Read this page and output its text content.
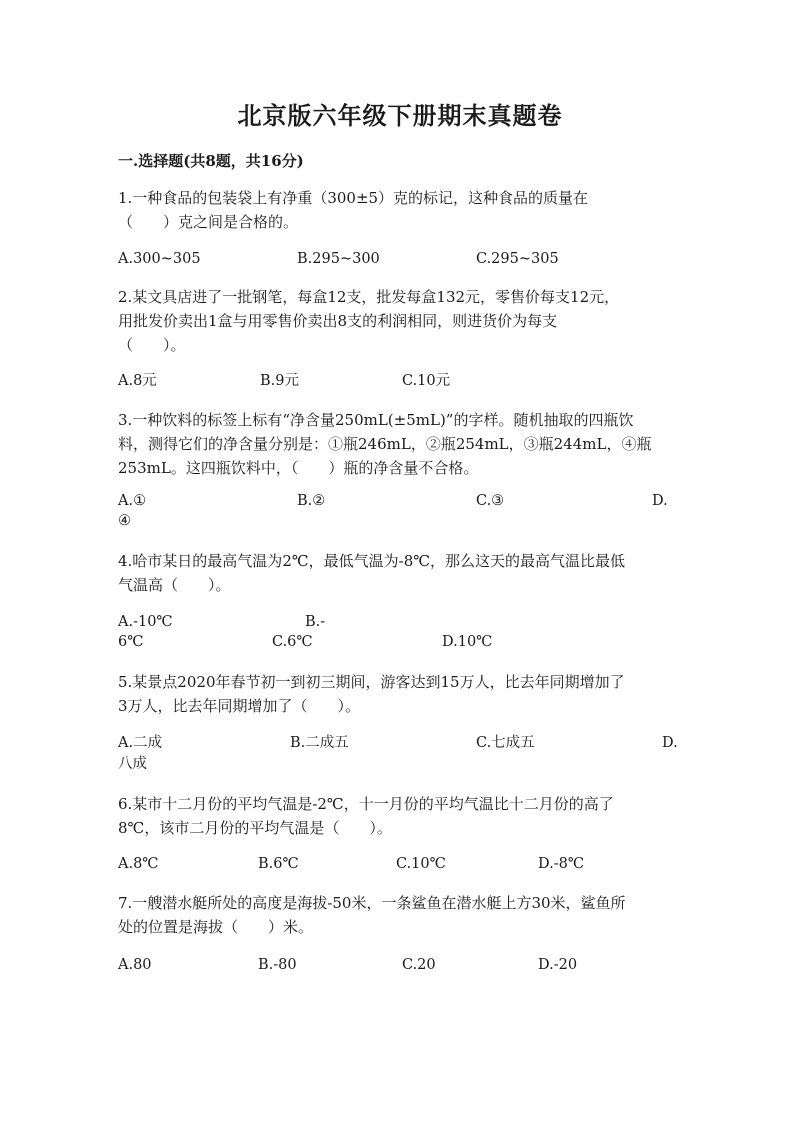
北京版六年级下册期末真题卷
一.选择题(共8题，共16分)

1.一种食品的包装袋上有净重（300±5）克的标记，这种食品的质量在

（　　）克之间是合格的。

A.300~305	B.295~300	C.295~305

2.某文具店进了一批钢笔，每盒12支，批发每盒132元，零售价每支12元，

用批发价卖出1盒与用零售价卖出8支的利润相同，则进货价为每支

（　　）。

A.8元	B.9元	C.10元

3.一种饮料的标签上标有“净含量250mL(±5mL)”的字样。随机抽取的四瓶饮

料，测得它们的净含量分别是：①瓶246mL，②瓶254mL，③瓶244mL，④瓶

253mL。这四瓶饮料中，（　　）瓶的净含量不合格。

A.①	B.②	C.③	D.
④

4.哈市某日的最高气温为2℃，最低气温为-8℃，那么这天的最高气温比最低

气温高（　　）。

A.-10℃	B.-
6℃	C.6℃	D.10℃

5.某景点2020年春节初一到初三期间，游客达到15万人，比去年同期增加了

3万人，比去年同期增加了（　　）。

A.二成	B.二成五	C.七成五	D.
八成

6.某市十二月份的平均气温是-2℃，十一月份的平均气温比十二月份的高了

8℃，该市二月份的平均气温是（　　）。

A.8℃	B.6℃	C.10℃	D.-8℃

7.一艘潜水艇所处的高度是海拔-50米，一条鲨鱼在潜水艇上方30米，鲨鱼所

处的位置是海拔（　　）米。

A.80	B.-80	C.20	D.-20
